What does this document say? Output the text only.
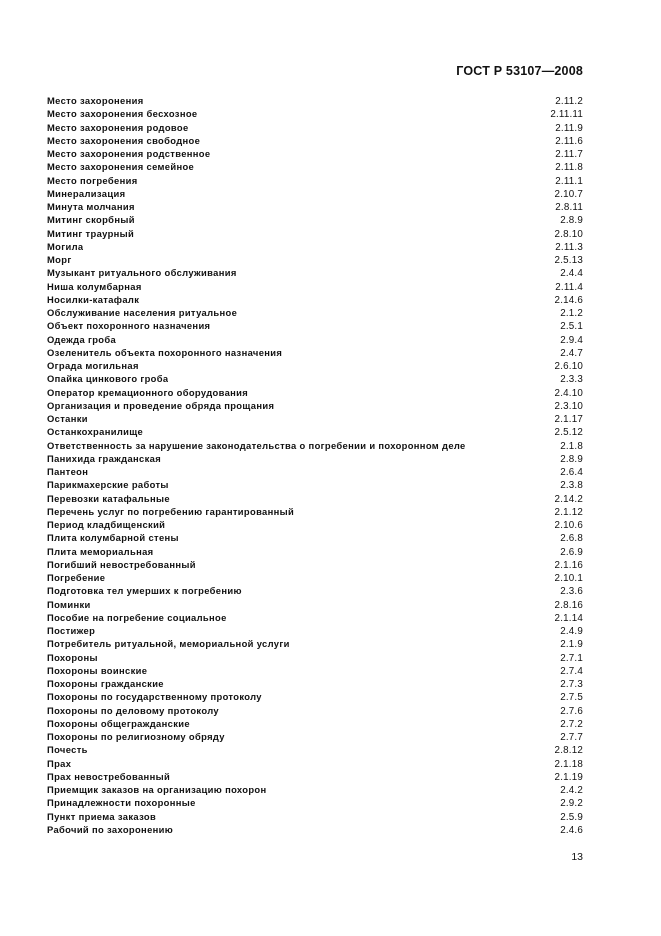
ГОСТ Р 53107—2008
Место захоронения	2.11.2
Место захоронения бесхозное	2.11.11
Место захоронения родовое	2.11.9
Место захоронения свободное	2.11.6
Место захоронения родственное	2.11.7
Место захоронения семейное	2.11.8
Место погребения	2.11.1
Минерализация	2.10.7
Минута молчания	2.8.11
Митинг скорбный	2.8.9
Митинг траурный	2.8.10
Могила	2.11.3
Морг	2.5.13
Музыкант ритуального обслуживания	2.4.4
Ниша колумбарная	2.11.4
Носилки-катафалк	2.14.6
Обслуживание населения ритуальное	2.1.2
Объект похоронного назначения	2.5.1
Одежда гроба	2.9.4
Озеленитель объекта похоронного назначения	2.4.7
Ограда могильная	2.6.10
Опайка цинкового гроба	2.3.3
Оператор кремационного оборудования	2.4.10
Организация и проведение обряда прощания	2.3.10
Останки	2.1.17
Останкохранилище	2.5.12
Ответственность за нарушение законодательства о погребении и похоронном деле	2.1.8
Панихида гражданская	2.8.9
Пантеон	2.6.4
Парикмахерские работы	2.3.8
Перевозки катафальные	2.14.2
Перечень услуг по погребению гарантированный	2.1.12
Период кладбищенский	2.10.6
Плита колумбарной стены	2.6.8
Плита мемориальная	2.6.9
Погибший невостребованный	2.1.16
Погребение	2.10.1
Подготовка тел умерших к погребению	2.3.6
Поминки	2.8.16
Пособие на погребение социальное	2.1.14
Постижер	2.4.9
Потребитель ритуальной, мемориальной услуги	2.1.9
Похороны	2.7.1
Похороны воинские	2.7.4
Похороны гражданские	2.7.3
Похороны по государственному протоколу	2.7.5
Похороны по деловому протоколу	2.7.6
Похороны общегражданские	2.7.2
Похороны по религиозному обряду	2.7.7
Почесть	2.8.12
Прах	2.1.18
Прах невостребованный	2.1.19
Приемщик заказов на организацию похорон	2.4.2
Принадлежности похоронные	2.9.2
Пункт приема заказов	2.5.9
Рабочий по захоронению	2.4.6
13
